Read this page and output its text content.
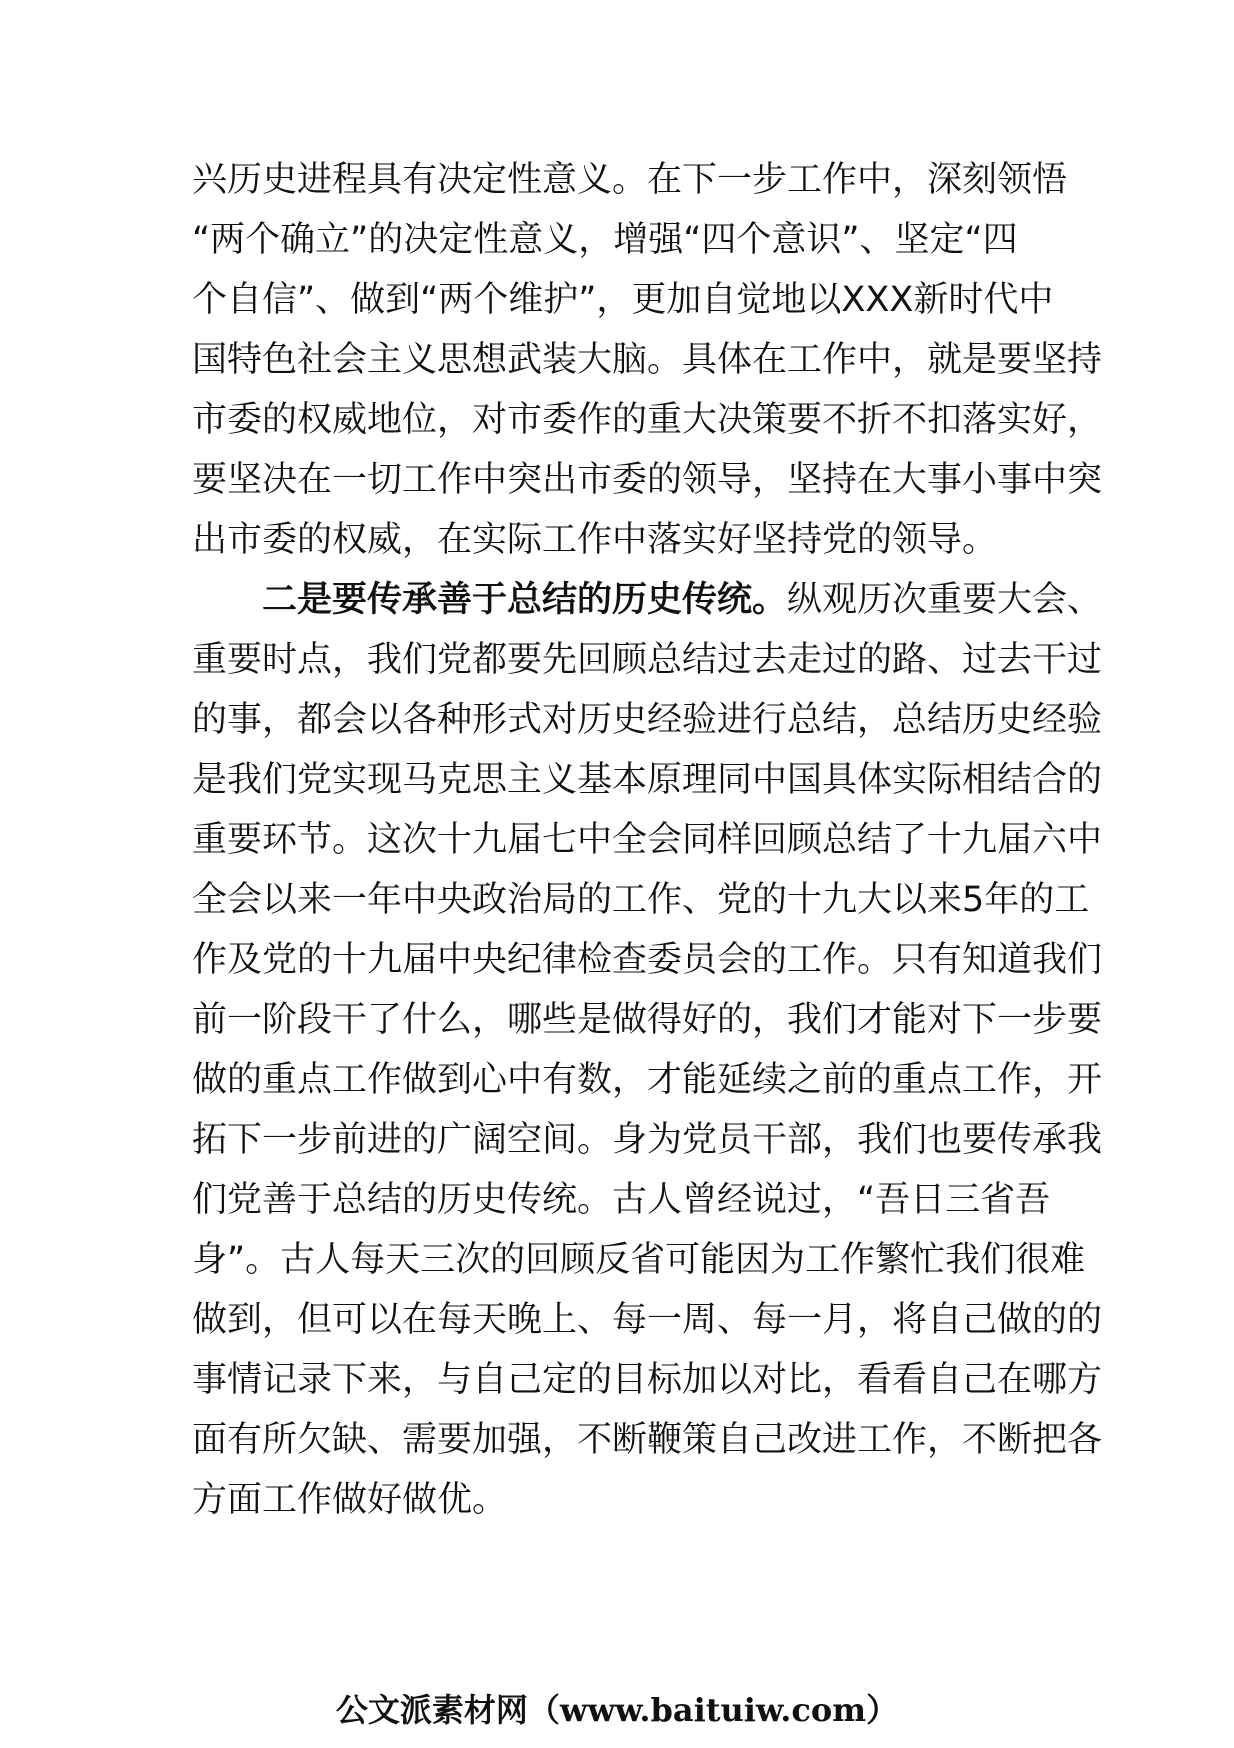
兴历史进程具有决定性意义。在下一步工作中，深刻领悟
“两个确立”的决定性意义，增强“四个意识”、坚定“四
个自信”、做到“两个维护”，更加自觉地以XXX新时代中
国特色社会主义思想武装大脑。具体在工作中，就是要坚持
市委的权威地位，对市委作的重大决策要不折不扣落实好，
要坚决在一切工作中突出市委的领导，坚持在大事小事中突
出市委的权威，在实际工作中落实好坚持党的领导。
二是要传承善于总结的历史传统。纵观历次重要大会、
重要时点，我们党都要先回顾总结过去走过的路、过去干过
的事，都会以各种形式对历史经验进行总结，总结历史经验
是我们党实现马克思主义基本原理同中国具体实际相结合的
重要环节。这次十九届七中全会同样回顾总结了十九届六中
全会以来一年中央政治局的工作、党的十九大以来5年的工
作及党的十九届中央纪律检查委员会的工作。只有知道我们
前一阶段干了什么，哪些是做得好的，我们才能对下一步要
做的重点工作做到心中有数，才能延续之前的重点工作，开
拓下一步前进的广阔空间。身为党员干部，我们也要传承我
们党善于总结的历史传统。古人曾经说过，“吾日三省吾
身”。古人每天三次的回顾反省可能因为工作繁忙我们很难
做到，但可以在每天晚上、每一周、每一月，将自己做的的
事情记录下来，与自己定的目标加以对比，看看自己在哪方
面有所欠缺、需要加强，不断鞭策自己改进工作，不断把各
方面工作做好做优。
公文派素材网（www.baituiw.com）
